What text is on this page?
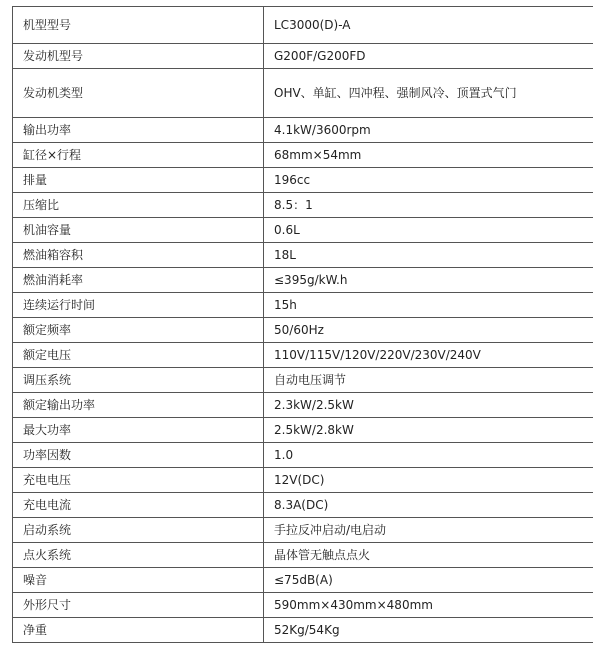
机型型号	LC3000(D)-A
发动机型号	G200F/G200FD
发动机类型	OHV、单缸、四冲程、强制风冷、顶置式气门
输出功率	4.1kW/3600rpm
缸径×行程	68mm×54mm
排量	196cc
压缩比	8.5：1
机油容量	0.6L
燃油箱容积	18L
燃油消耗率	≤395g/kW.h
连续运行时间	15h
额定频率	50/60Hz
额定电压	110V/115V/120V/220V/230V/240V
调压系统	自动电压调节
额定输出功率	2.3kW/2.5kW
最大功率	2.5kW/2.8kW
功率因数	1.0
充电电压	12V(DC)
充电电流	8.3A(DC)
启动系统	手拉反冲启动/电启动
点火系统	晶体管无触点点火
噪音	≤75dB(A)
外形尺寸	590mm×430mm×480mm
净重	52Kg/54Kg
